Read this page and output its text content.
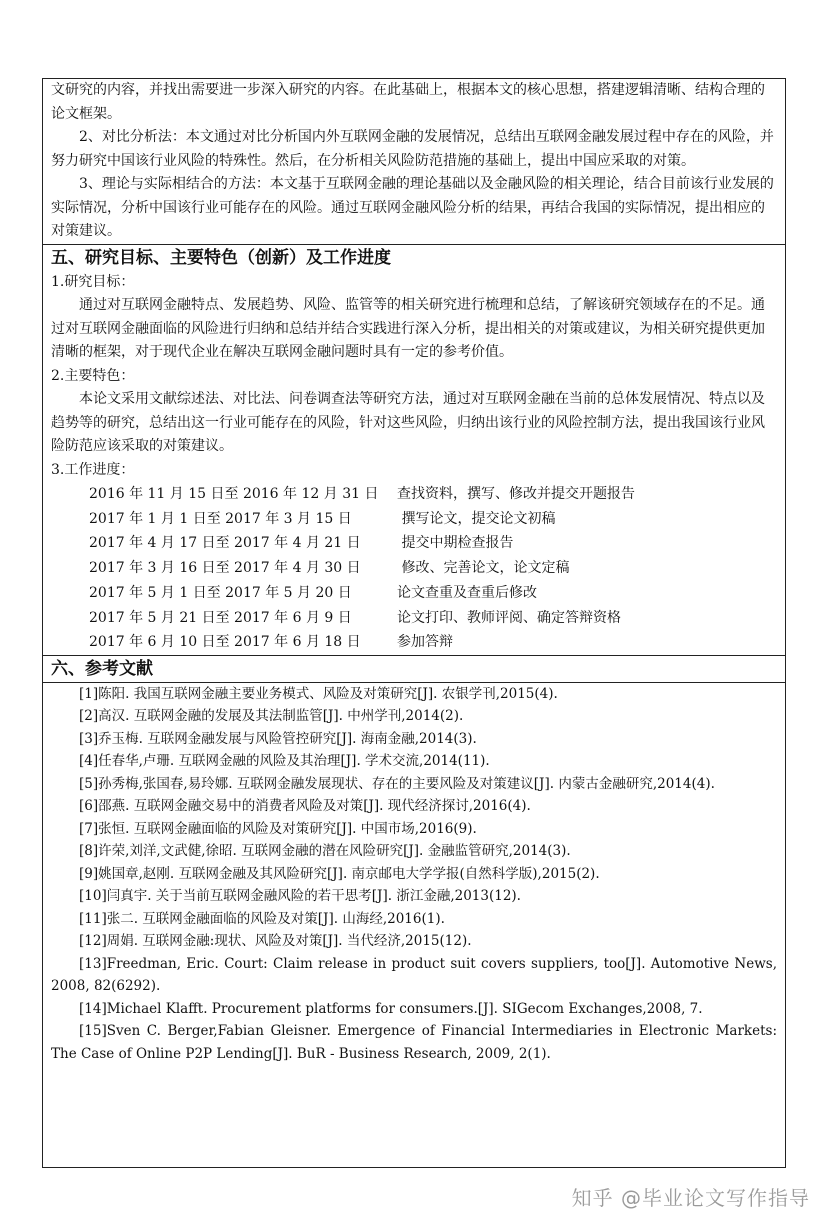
文研究的内容，并找出需要进一步深入研究的内容。在此基础上，根据本文的核心思想，搭建逻辑清晰、结构合理的论文框架。

2、对比分析法：本文通过对比分析国内外互联网金融的发展情况，总结出互联网金融发展过程中存在的风险，并努力研究中国该行业风险的特殊性。然后，在分析相关风险防范措施的基础上，提出中国应采取的对策。

3、理论与实际相结合的方法：本文基于互联网金融的理论基础以及金融风险的相关理论，结合目前该行业发展的实际情况，分析中国该行业可能存在的风险。通过互联网金融风险分析的结果，再结合我国的实际情况，提出相应的对策建议。

五、研究目标、主要特色（创新）及工作进度

1.研究目标：

通过对互联网金融特点、发展趋势、风险、监管等的相关研究进行梳理和总结，了解该研究领域存在的不足。通过对互联网金融面临的风险进行归纳和总结并结合实践进行深入分析，提出相关的对策或建议，为相关研究提供更加清晰的框架，对于现代企业在解决互联网金融问题时具有一定的参考价值。

2.主要特色：

本论文采用文献综述法、对比法、问卷调查法等研究方法，通过对互联网金融在当前的总体发展情况、特点以及趋势等的研究，总结出这一行业可能存在的风险，针对这些风险，归纳出该行业的风险控制方法，提出我国该行业风险防范应该采取的对策建议。

3.工作进度：

2016 年 11 月 15 日至 2016 年 12 月 31 日 查找资料，撰写、修改并提交开题报告
2017 年 1 月 1 日至 2017 年 3 月 15 日	撰写论文，提交论文初稿
2017 年 4 月 17 日至 2017 年 4 月 21 日	提交中期检查报告
2017 年 3 月 16 日至 2017 年 4 月 30 日	修改、完善论文，论文定稿
2017 年 5 月 1 日至 2017 年 5 月 20 日	论文查重及查重后修改
2017 年 5 月 21 日至 2017 年 6 月 9 日	论文打印、教师评阅、确定答辩资格
2017 年 6 月 10 日至 2017 年 6 月 18 日	参加答辩
六、参考文献

[1]陈阳. 我国互联网金融主要业务模式、风险及对策研究[J]. 农银学刊,2015(4).

[2]高汉. 互联网金融的发展及其法制监管[J]. 中州学刊,2014(2).

[3]乔玉梅. 互联网金融发展与风险管控研究[J]. 海南金融,2014(3).

[4]任春华,卢珊. 互联网金融的风险及其治理[J]. 学术交流,2014(11).

[5]孙秀梅,张国春,易玲娜. 互联网金融发展现状、存在的主要风险及对策建议[J]. 内蒙古金融研究,2014(4).

[6]邵燕. 互联网金融交易中的消费者风险及对策[J]. 现代经济探讨,2016(4).

[7]张恒. 互联网金融面临的风险及对策研究[J]. 中国市场,2016(9).

[8]许荣,刘洋,文武健,徐昭. 互联网金融的潜在风险研究[J]. 金融监管研究,2014(3).

[9]姚国章,赵刚. 互联网金融及其风险研究[J]. 南京邮电大学学报(自然科学版),2015(2).

[10]闫真宇. 关于当前互联网金融风险的若干思考[J]. 浙江金融,2013(12).

[11]张二. 互联网金融面临的风险及对策[J]. 山海经,2016(1).

[12]周娟. 互联网金融:现状、风险及对策[J]. 当代经济,2015(12).

[13]Freedman, Eric. Court: Claim release in product suit covers suppliers, too[J]. Automotive News, 2008, 82(6292).

[14]Michael Klafft. Procurement platforms for consumers.[J]. SIGecom Exchanges,2008, 7.

[15]Sven C. Berger,Fabian Gleisner. Emergence of Financial Intermediaries in Electronic Markets: The Case of Online P2P Lending[J]. BuR - Business Research, 2009, 2(1).

知乎 @毕业论文写作指导
